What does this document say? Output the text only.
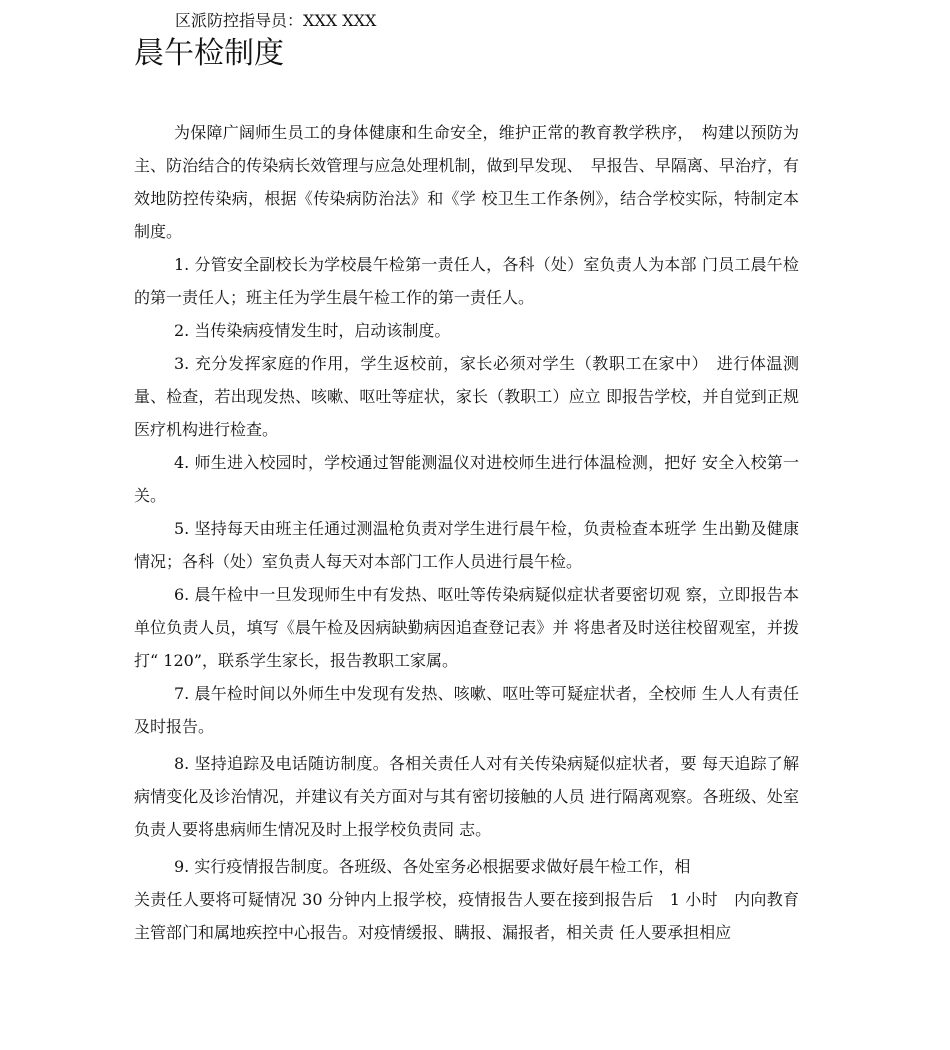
区派防控指导员：XXX XXX
晨午检制度

为保障广阔师生员工的身体健康和生命安全，维护正常的教育教学秩序，　构建以预防为主、防治结合的传染病长效管理与应急处理机制，做到早发现、　早报告、早隔离、早治疗，有效地防控传染病，根据《传染病防治法》和《学 校卫生工作条例》，结合学校实际，特制定本制度。

1. 分管安全副校长为学校晨午检第一责任人，各科（处）室负责人为本部 门员工晨午检的第一责任人；班主任为学生晨午检工作的第一责任人。

2. 当传染病疫情发生时，启动该制度。

3. 充分发挥家庭的作用，学生返校前，家长必须对学生（教职工在家中）　进行体温测量、检查，若出现发热、咳嗽、呕吐等症状，家长（教职工）应立 即报告学校，并自觉到正规医疗机构进行检查。

4. 师生进入校园时，学校通过智能测温仪对进校师生进行体温检测，把好 安全入校第一关。

5. 坚持每天由班主任通过测温枪负责对学生进行晨午检，负责检查本班学 生出勤及健康情况；各科（处）室负责人每天对本部门工作人员进行晨午检。

6. 晨午检中一旦发现师生中有发热、呕吐等传染病疑似症状者要密切观 察，立即报告本单位负责人员，填写《晨午检及因病缺勤病因追查登记表》并 将患者及时送往校留观室，并拨打“ 120”，联系学生家长，报告教职工家属。

7. 晨午检时间以外师生中发现有发热、咳嗽、呕吐等可疑症状者，全校师 生人人有责任及时报告。

8. 坚持追踪及电话随访制度。各相关责任人对有关传染病疑似症状者，要 每天追踪了解病情变化及诊治情况，并建议有关方面对与其有密切接触的人员 进行隔离观察。各班级、处室负责人要将患病师生情况及时上报学校负责同 志。

9. 实行疫情报告制度。各班级、各处室务必根据要求做好晨午检工作，相

关责任人要将可疑情况 30 分钟内上报学校，疫情报告人要在接到报告后　1 小时　内向教育主管部门和属地疾控中心报告。对疫情缓报、瞒报、漏报者，相关责 任人要承担相应
